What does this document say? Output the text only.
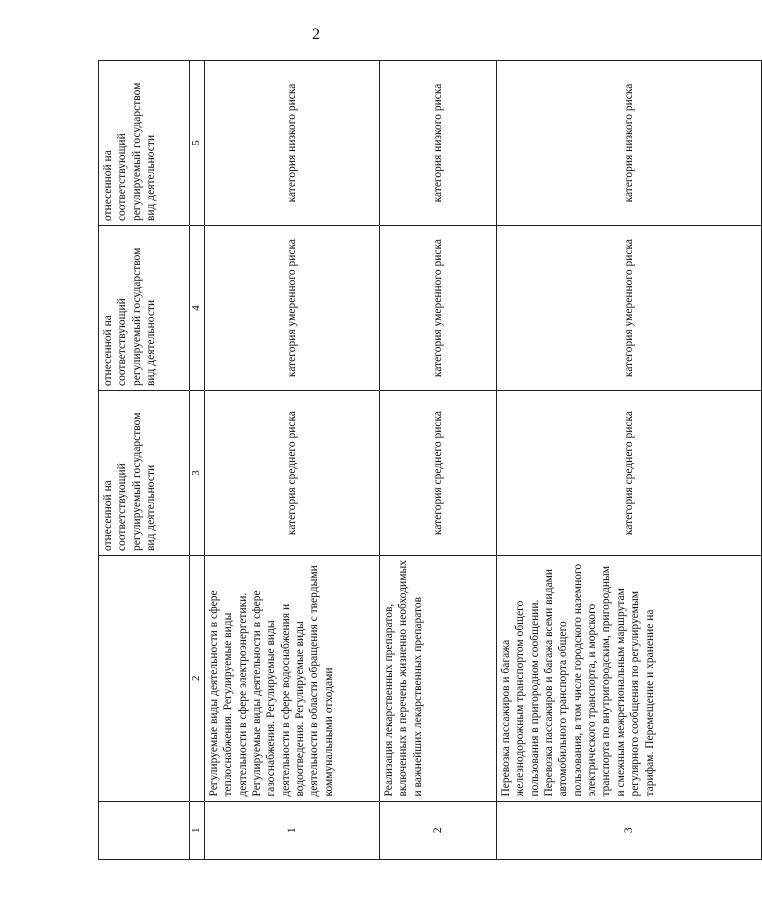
2
		отнесенной на соответствующий регулируемый государством вид деятельности	отнесенной на соответствующий регулируемый государством вид деятельности	отнесенной на соответствующий регулируемый государством вид деятельности
1	2	3	4	5
1	Регулируемые виды деятельности в сфере теплоснабжения. Регулируемые виды деятельности в сфере электроэнергетики. Регулируемые виды деятельности в сфере газоснабжения. Регулируемые виды деятельности в сфере водоснабжения и водоотведения. Регулируемые виды деятельности в области обращения с твердыми коммунальными отходами	категория среднего риска	категория умеренного риска	категория низкого риска
2	Реализация лекарственных препаратов, включенных в перечень жизненно необходимых и важнейших лекарственных препаратов	категория среднего риска	категория умеренного риска	категория низкого риска
3	Перевозка пассажиров и багажа железнодорожным транспортом общего пользования в пригородном сообщении. Перевозка пассажиров и багажа всеми видами автомобильного транспорта общего пользования, в том числе городского наземного электрического транспорта, и морского транспорта по внутригородским, пригородным и смежным межрегиональным маршрутам регулярного сообщения по регулируемым тарифам. Перемещение и хранение на	категория среднего риска	категория умеренного риска	категория низкого риска
